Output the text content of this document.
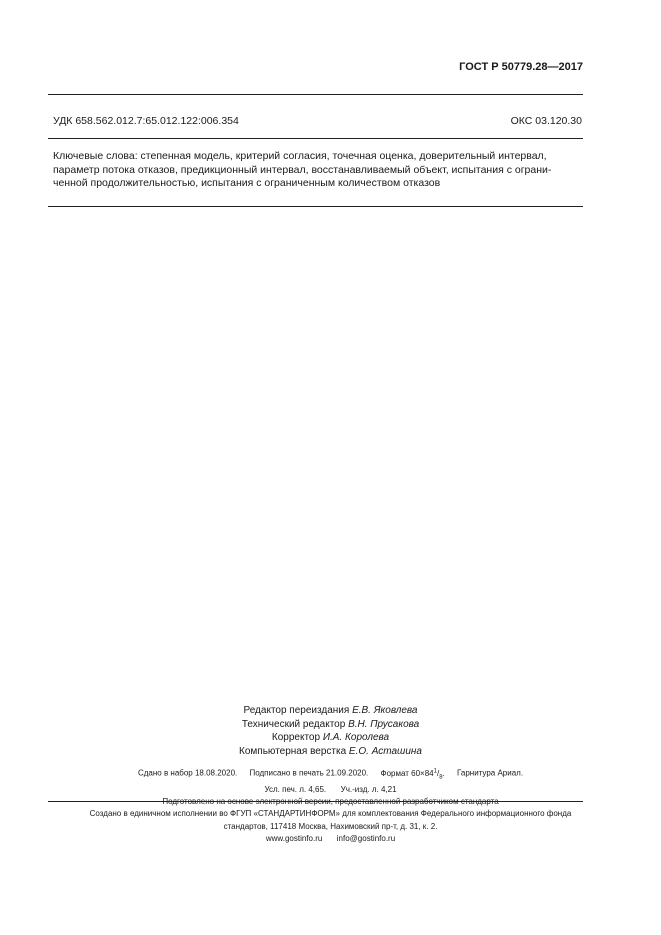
ГОСТ Р 50779.28—2017
УДК 658.562.012.7:65.012.122:006.354	ОКС 03.120.30

Ключевые слова: степенная модель, критерий согласия, точечная оценка, доверительный интервал,

параметр потока отказов, предикционный интервал, восстанавливаемый объект, испытания с ограни-

ченной продолжительностью, испытания с ограниченным количеством отказов

Редактор переиздания Е.В. Яковлева
Технический редактор В.Н. Прусакова
Корректор И.А. Королева
Компьютерная верстка Е.О. Асташина
Сдано в набор 18.08.2020. Подписано в печать 21.09.2020. Формат $60\times 84^1/_8$. Гарнитура Ариал.
Усл. печ. л. 4,65. Уч.-изд. л. 4,21
Подготовлено на основе электронной версии, предоставленной разработчиком стандарта
Создано в единичном исполнении во ФГУП «СТАНДАРТИНФОРМ» для комплектования Федерального информационного фонда
стандартов, 117418 Москва, Нахимовский пр-т, д. 31, к. 2.
www.gostinfo.ru info@gostinfo.ru
